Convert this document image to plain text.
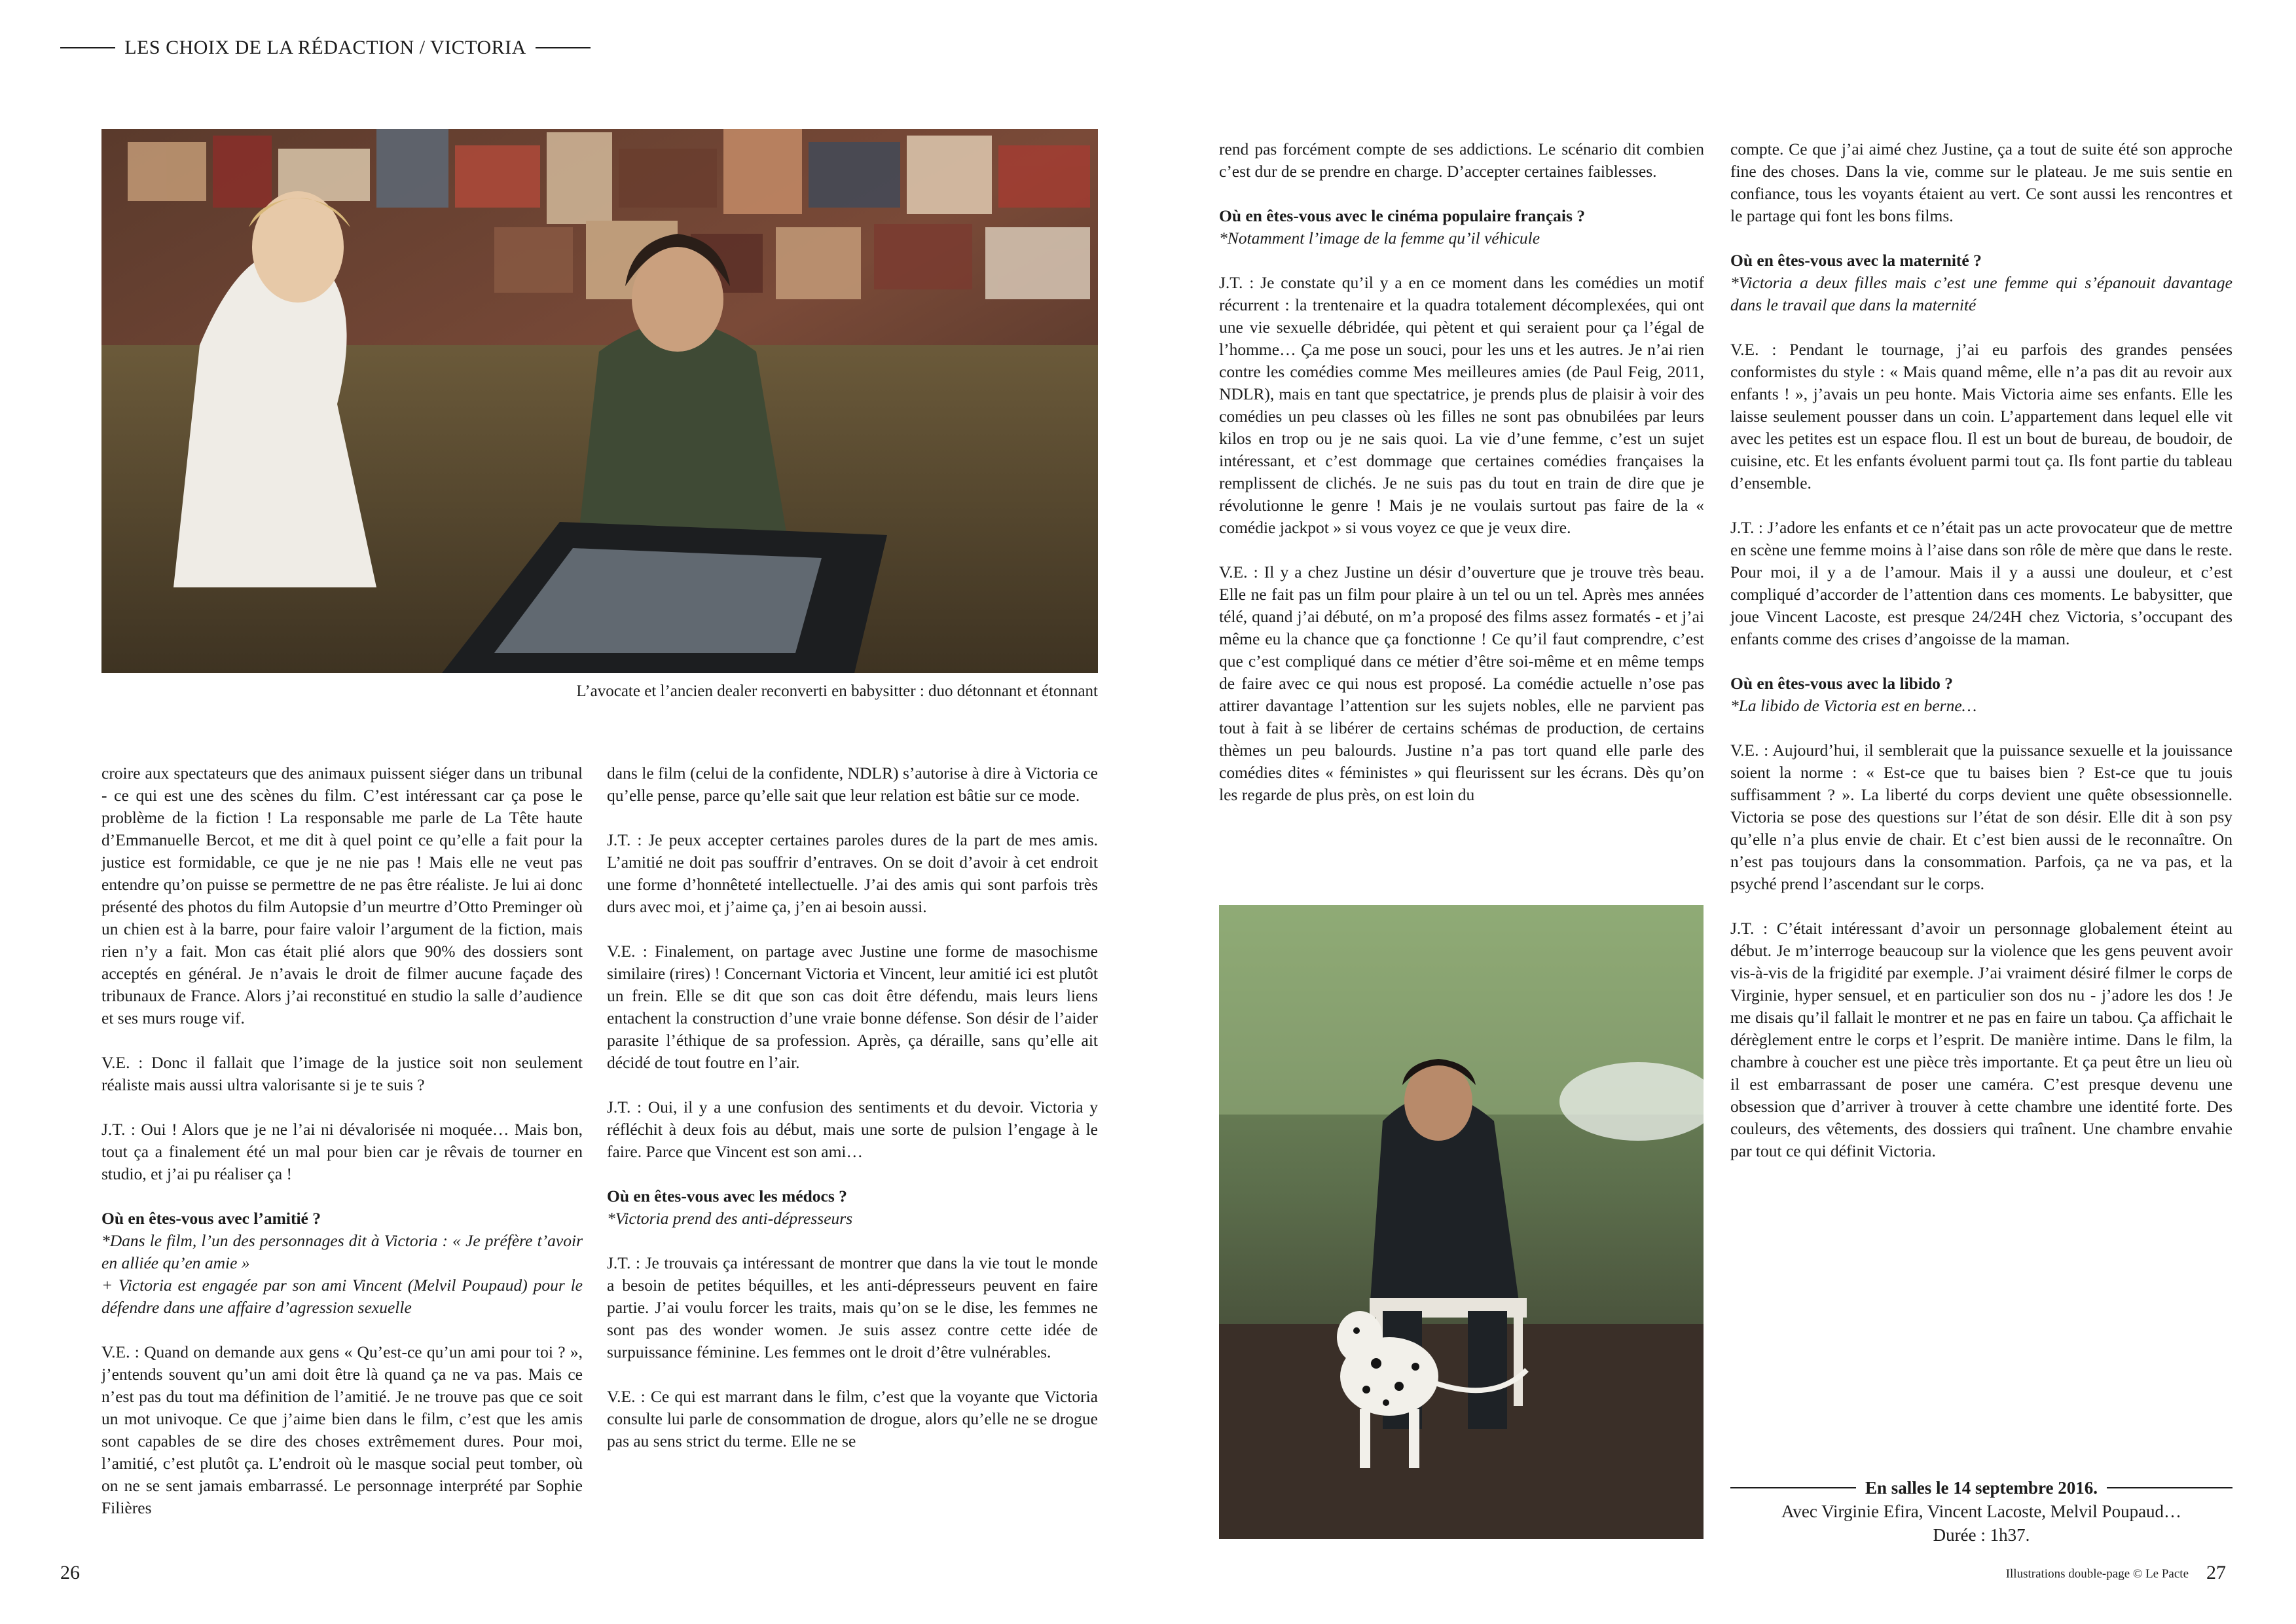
LES CHOIX DE LA RÉDACTION / VICTORIA
L’avocate et l’ancien dealer reconverti en babysitter : duo détonnant et étonnant

croire aux spectateurs que des animaux puissent siéger dans un tribunal - ce qui est une des scènes du film. C’est intéressant car ça pose le problème de la fiction ! La responsable me parle de La Tête haute d’Emmanuelle Bercot, et me dit à quel point ce qu’elle a fait pour la justice est formidable, ce que je ne nie pas ! Mais elle ne veut pas entendre qu’on puisse se permettre de ne pas être réaliste. Je lui ai donc présenté des photos du film Autopsie d’un meurtre d’Otto Preminger où un chien est à la barre, pour faire valoir l’argument de la fiction, mais rien n’y a fait. Mon cas était plié alors que 90% des dossiers sont acceptés en général. Je n’avais le droit de filmer aucune façade des tribunaux de France. Alors j’ai reconstitué en studio la salle d’audience et ses murs rouge vif.

V.E. : Donc il fallait que l’image de la justice soit non seulement réaliste mais aussi ultra valorisante si je te suis ?

J.T. : Oui ! Alors que je ne l’ai ni dévalorisée ni moquée… Mais bon, tout ça a finalement été un mal pour bien car je rêvais de tourner en studio, et j’ai pu réaliser ça !

Où en êtes-vous avec l’amitié ?

*Dans le film, l’un des personnages dit à Victoria : « Je préfère t’avoir en alliée qu’en amie »
+ Victoria est engagée par son ami Vincent (Melvil Poupaud) pour le défendre dans une affaire d’agression sexuelle

V.E. : Quand on demande aux gens « Qu’est-ce qu’un ami pour toi ? », j’entends souvent qu’un ami doit être là quand ça ne va pas. Mais ce n’est pas du tout ma définition de l’amitié. Je ne trouve pas que ce soit un mot univoque. Ce que j’aime bien dans le film, c’est que les amis sont capables de se dire des choses extrêmement dures. Pour moi, l’amitié, c’est plutôt ça. L’endroit où le masque social peut tomber, où on ne se sent jamais embarrassé. Le personnage interprété par Sophie Filières

dans le film (celui de la confidente, NDLR) s’autorise à dire à Victoria ce qu’elle pense, parce qu’elle sait que leur relation est bâtie sur ce mode.

J.T. : Je peux accepter certaines paroles dures de la part de mes amis. L’amitié ne doit pas souffrir d’entraves. On se doit d’avoir à cet endroit une forme d’honnêteté intellectuelle. J’ai des amis qui sont parfois très durs avec moi, et j’aime ça, j’en ai besoin aussi.

V.E. : Finalement, on partage avec Justine une forme de masochisme similaire (rires) ! Concernant Victoria et Vincent, leur amitié ici est plutôt un frein. Elle se dit que son cas doit être défendu, mais leurs liens entachent la construction d’une vraie bonne défense. Son désir de l’aider parasite l’éthique de sa profession. Après, ça déraille, sans qu’elle ait décidé de tout foutre en l’air.

J.T. : Oui, il y a une confusion des sentiments et du devoir. Victoria y réfléchit à deux fois au début, mais une sorte de pulsion l’engage à le faire. Parce que Vincent est son ami…

Où en êtes-vous avec les médocs ?

*Victoria prend des anti-dépresseurs

J.T. : Je trouvais ça intéressant de montrer que dans la vie tout le monde a besoin de petites béquilles, et les anti-dépresseurs peuvent en faire partie. J’ai voulu forcer les traits, mais qu’on se le dise, les femmes ne sont pas des wonder women. Je suis assez contre cette idée de surpuissance féminine. Les femmes ont le droit d’être vulnérables.

V.E. : Ce qui est marrant dans le film, c’est que la voyante que Victoria consulte lui parle de consommation de drogue, alors qu’elle ne se drogue pas au sens strict du terme. Elle ne se

rend pas forcément compte de ses addictions. Le scénario dit combien c’est dur de se prendre en charge. D’accepter certaines faiblesses.

Où en êtes-vous avec le cinéma populaire français ?

*Notamment l’image de la femme qu’il véhicule

J.T. : Je constate qu’il y a en ce moment dans les comédies un motif récurrent : la trentenaire et la quadra totalement décomplexées, qui ont une vie sexuelle débridée, qui pètent et qui seraient pour ça l’égal de l’homme… Ça me pose un souci, pour les uns et les autres. Je n’ai rien contre les comédies comme Mes meilleures amies (de Paul Feig, 2011, NDLR), mais en tant que spectatrice, je prends plus de plaisir à voir des comédies un peu classes où les filles ne sont pas obnubilées par leurs kilos en trop ou je ne sais quoi. La vie d’une femme, c’est un sujet intéressant, et c’est dommage que certaines comédies françaises la remplissent de clichés. Je ne suis pas du tout en train de dire que je révolutionne le genre ! Mais je ne voulais surtout pas faire de la « comédie jackpot » si vous voyez ce que je veux dire.

V.E. : Il y a chez Justine un désir d’ouverture que je trouve très beau. Elle ne fait pas un film pour plaire à un tel ou un tel. Après mes années télé, quand j’ai débuté, on m’a proposé des films assez formatés - et j’ai même eu la chance que ça fonctionne ! Ce qu’il faut comprendre, c’est que c’est compliqué dans ce métier d’être soi-même et en même temps de faire avec ce qui nous est proposé. La comédie actuelle n’ose pas attirer davantage l’attention sur les sujets nobles, elle ne parvient pas tout à fait à se libérer de certains schémas de production, de certains thèmes un peu balourds. Justine n’a pas tort quand elle parle des comédies dites « féministes » qui fleurissent sur les écrans. Dès qu’on les regarde de plus près, on est loin du

compte. Ce que j’ai aimé chez Justine, ça a tout de suite été son approche fine des choses. Dans la vie, comme sur le plateau. Je me suis sentie en confiance, tous les voyants étaient au vert. Ce sont aussi les rencontres et le partage qui font les bons films.

Où en êtes-vous avec la maternité ?

*Victoria a deux filles mais c’est une femme qui s’épanouit davantage dans le travail que dans la maternité

V.E. : Pendant le tournage, j’ai eu parfois des grandes pensées conformistes du style : « Mais quand même, elle n’a pas dit au revoir aux enfants ! », j’avais un peu honte. Mais Victoria aime ses enfants. Elle les laisse seulement pousser dans un coin. L’appartement dans lequel elle vit avec les petites est un espace flou. Il est un bout de bureau, de boudoir, de cuisine, etc. Et les enfants évoluent parmi tout ça. Ils font partie du tableau d’ensemble.

J.T. : J’adore les enfants et ce n’était pas un acte provocateur que de mettre en scène une femme moins à l’aise dans son rôle de mère que dans le reste. Pour moi, il y a de l’amour. Mais il y a aussi une douleur, et c’est compliqué d’accorder de l’attention dans ces moments. Le babysitter, que joue Vincent Lacoste, est presque 24/24H chez Victoria, s’occupant des enfants comme des crises d’angoisse de la maman.

Où en êtes-vous avec la libido ?

*La libido de Victoria est en berne…

V.E. : Aujourd’hui, il semblerait que la puissance sexuelle et la jouissance soient la norme : « Est-ce que tu baises bien ? Est-ce que tu jouis suffisamment ? ». La liberté du corps devient une quête obsessionnelle. Victoria se pose des questions sur l’état de son désir. Elle dit à son psy qu’elle n’a plus envie de chair. Et c’est bien aussi de le reconnaître. On n’est pas toujours dans la consommation. Parfois, ça ne va pas, et la psyché prend l’ascendant sur le corps.

J.T. : C’était intéressant d’avoir un personnage globalement éteint au début. Je m’interroge beaucoup sur la violence que les gens peuvent avoir vis-à-vis de la frigidité par exemple. J’ai vraiment désiré filmer le corps de Virginie, hyper sensuel, et en particulier son dos nu - j’adore les dos ! Je me disais qu’il fallait le montrer et ne pas en faire un tabou. Ça affichait le dérèglement entre le corps et l’esprit. De manière intime. Dans le film, la chambre à coucher est une pièce très importante. Et ça peut être un lieu où il est embarrassant de poser une caméra. C’est presque devenu une obsession que d’arriver à trouver à cette chambre une identité forte. Des couleurs, des vêtements, des dossiers qui traînent. Une chambre envahie par tout ce qui définit Victoria.

En salles le 14 septembre 2016.
Avec Virginie Efira, Vincent Lacoste, Melvil Poupaud…
Durée : 1h37.
26	Illustrations double-page © Le Pacte 27
